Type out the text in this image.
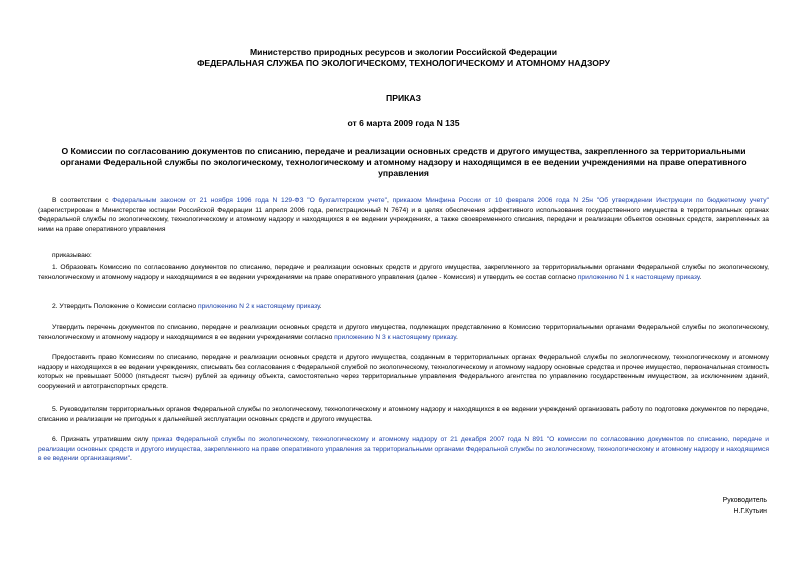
Министерство природных ресурсов и экологии Российской Федерации
ФЕДЕРАЛЬНАЯ СЛУЖБА ПО ЭКОЛОГИЧЕСКОМУ, ТЕХНОЛОГИЧЕСКОМУ И АТОМНОМУ НАДЗОРУ
ПРИКАЗ
от 6 марта 2009 года N 135
О Комиссии по согласованию документов по списанию, передаче и реализации основных средств и другого имущества, закрепленного за территориальными органами Федеральной службы по экологическому, технологическому и атомному надзору и находящимся в ее ведении учреждениями на праве оперативного управления

В соответствии с Федеральным законом от 21 ноября 1996 года N 129-ФЗ "О бухгалтерском учете", приказом Минфина России от 10 февраля 2006 года N 25н "Об утверждении Инструкции по бюджетному учету" (зарегистрирован в Министерстве юстиции Российской Федерации 11 апреля 2006 года, регистрационный N 7674) и в целях обеспечения эффективного использования государственного имущества в территориальных органах Федеральной службы по экологическому, технологическому и атомному надзору и находящихся в ее ведении учреждениях, а также своевременного списания, передачи и реализации объектов основных средств, закрепленных за ними на праве оперативного управления

приказываю:

1. Образовать Комиссию по согласованию документов по списанию, передаче и реализации основных средств и другого имущества, закрепленного за территориальными органами Федеральной службы по экологическому, технологическому и атомному надзору и находящимися в ее ведении учреждениями на праве оперативного управления (далее - Комиссия) и утвердить ее состав согласно приложению N 1 к настоящему приказу.

2. Утвердить Положение о Комиссии согласно приложению N 2 к настоящему приказу.

Утвердить перечень документов по списанию, передаче и реализации основных средств и другого имущества, подлежащих представлению в Комиссию территориальными органами Федеральной службы по экологическому, технологическому и атомному надзору и находящимися в ее ведении учреждениями согласно приложению N 3 к настоящему приказу.

Предоставить право Комиссиям по списанию, передаче и реализации основных средств и другого имущества, созданным в территориальных органах Федеральной службы по экологическому, технологическому и атомному надзору и находящихся в ее ведении учреждениях, списывать без согласования с Федеральной службой по экологическому, технологическому и атомному надзору основные средства и прочее имущество, первоначальная стоимость которых не превышает 50000 (пятьдесят тысяч) рублей за единицу объекта, самостоятельно через территориальные управления Федерального агентства по управлению государственным имуществом, за исключением зданий, сооружений и автотранспортных средств.

5. Руководителям территориальных органов Федеральной службы по экологическому, технологическому и атомному надзору и находящихся в ее ведении учреждений организовать работу по подготовке документов по передаче, списанию и реализации не пригодных к дальнейшей эксплуатации основных средств и другого имущества.

6. Признать утратившим силу приказ Федеральной службы по экологическому, технологическому и атомному надзору от 21 декабря 2007 года N 891 "О комиссии по согласованию документов по списанию, передаче и реализации основных средств и другого имущества, закрепленного на праве оперативного управления за территориальными органами Федеральной службы по экологическому, технологическому и атомному надзору и находящимся в ее ведении организациями".

Руководитель
Н.Г.Кутьин
